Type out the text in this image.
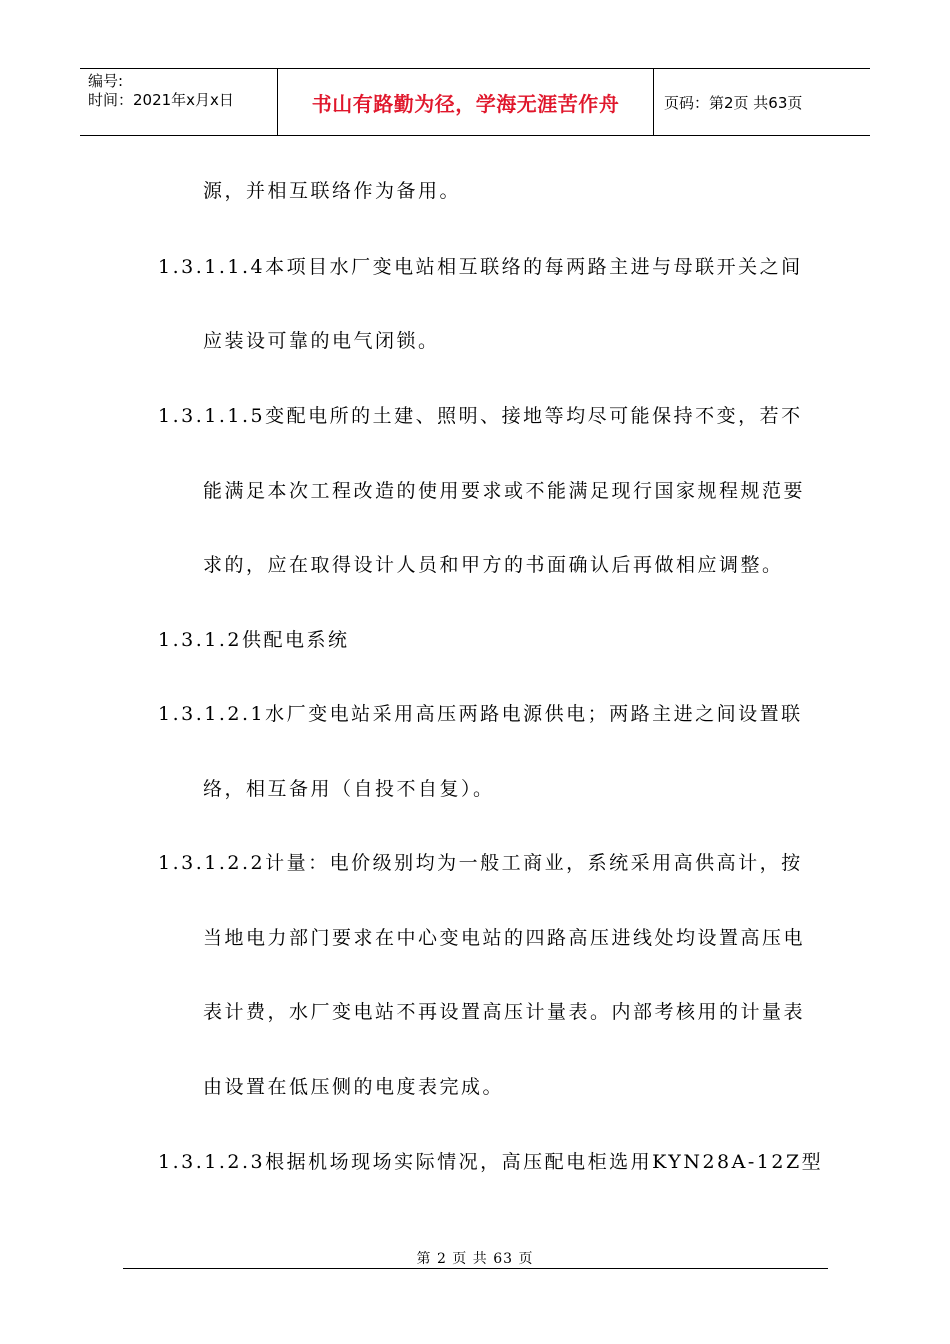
编号:
时间：2021年x月x日	书山有路勤为径，学海无涯苦作舟	页码：第2页 共63页
源，并相互联络作为备用。
1.3.1.1.4本项目水厂变电站相互联络的每两路主进与母联开关之间
应装设可靠的电气闭锁。
1.3.1.1.5变配电所的土建、照明、接地等均尽可能保持不变，若不
能满足本次工程改造的使用要求或不能满足现行国家规程规范要
求的，应在取得设计人员和甲方的书面确认后再做相应调整。
1.3.1.2供配电系统
1.3.1.2.1水厂变电站采用高压两路电源供电；两路主进之间设置联
络，相互备用（自投不自复）。
1.3.1.2.2计量：电价级别均为一般工商业，系统采用高供高计，按
当地电力部门要求在中心变电站的四路高压进线处均设置高压电
表计费，水厂变电站不再设置高压计量表。内部考核用的计量表
由设置在低压侧的电度表完成。
1.3.1.2.3根据机场现场实际情况，高压配电柜选用KYN28A-12Z型
第 2 页 共 63 页
